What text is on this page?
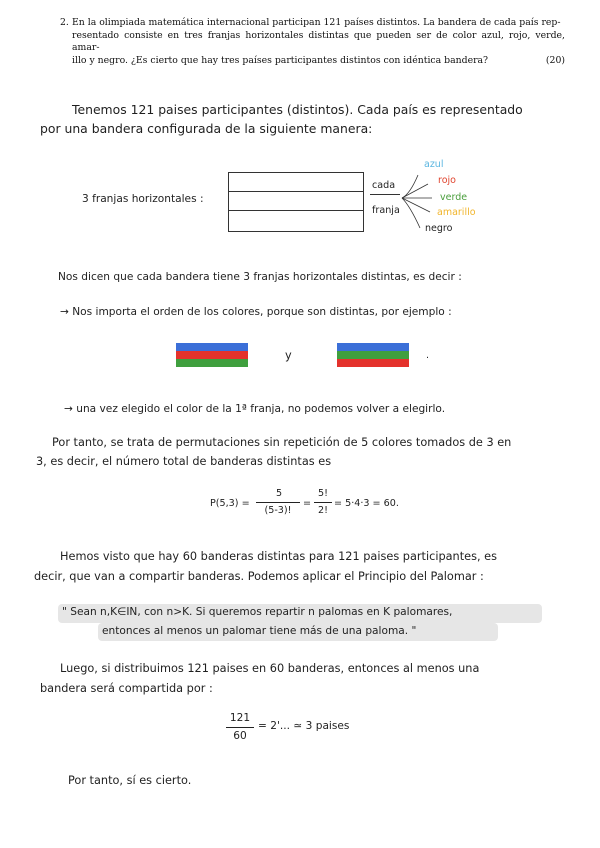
2. En la olimpiada matemática internacional participan 121 países distintos. La bandera de cada país rep-
resentado consiste en tres franjas horizontales distintas que pueden ser de color azul, rojo, verde, amar-
illo y negro. ¿Es cierto que hay tres países participantes distintos con idéntica bandera?	(20)
Tenemos 121 paises participantes (distintos). Cada país es representado
por una bandera configurada de la siguiente manera:
3 franjas horizontales :
cada
franja
azul
rojo
verde
amarillo
negro
Nos dicen que cada bandera tiene 3 franjas horizontales distintas, es decir :
→ Nos importa el orden de los colores, porque son distintas, por ejemplo :
y	.
→ una vez elegido el color de la 1ª franja, no podemos volver a elegirlo.
Por tanto, se trata de permutaciones sin repetición de 5 colores tomados de 3 en
3, es decir, el número total de banderas distintas es
P(5,3) =
5
(5-3)!
=
5!
2!
= 5·4·3 = 60.
Hemos visto que hay 60 banderas distintas para 121 paises participantes, es
decir, que van a compartir banderas. Podemos aplicar el Principio del Palomar :
" Sean n,K∈IN, con n>K. Si queremos repartir n palomas en K palomares,
entonces al menos un palomar tiene más de una paloma. "
Luego, si distribuimos 121 paises en 60 banderas, entonces al menos una
bandera será compartida por :
121
60
= 2'... ≃ 3 paises
Por tanto, sí es cierto.
